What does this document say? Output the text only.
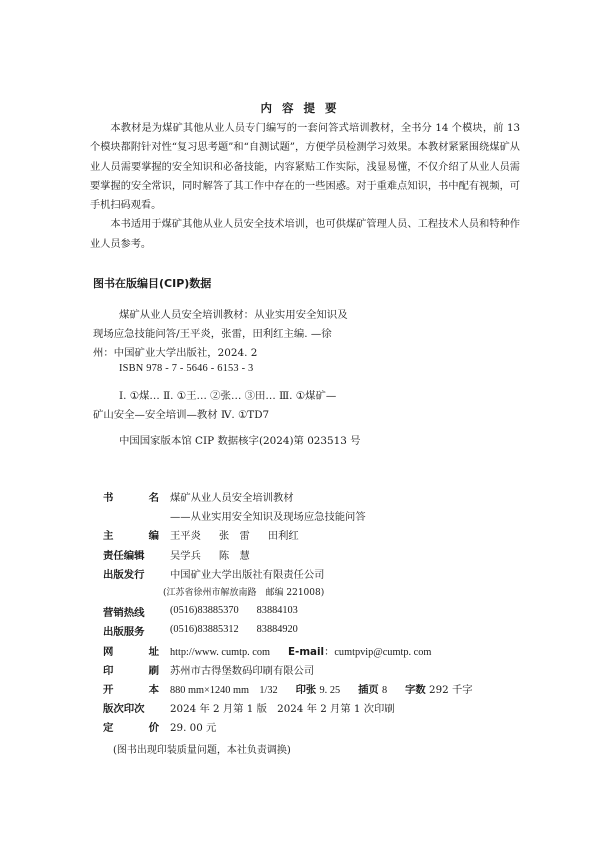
内 容 提 要

本教材是为煤矿其他从业人员专门编写的一套问答式培训教材，全书分 14 个模块，前 13 个模块都附针对性“复习思考题”和“自测试题”，方便学员检测学习效果。本教材紧紧围绕煤矿从业人员需要掌握的安全知识和必备技能，内容紧贴工作实际，浅显易懂，不仅介绍了从业人员需要掌握的安全常识，同时解答了其工作中存在的一些困惑。对于重难点知识，书中配有视频，可手机扫码观看。

本书适用于煤矿其他从业人员安全技术培训，也可供煤矿管理人员、工程技术人员和特种作业人员参考。

图书在版编目(CIP)数据
煤矿从业人员安全培训教材：从业实用安全知识及
现场应急技能问答/王平炎，张雷，田利红主编. —徐
州：中国矿业大学出版社，2024. 2
ISBN 978 - 7 - 5646 - 6153 - 3
Ⅰ. ①煤… Ⅱ. ①王… ②张… ③田… Ⅲ. ①煤矿—
矿山安全—安全培训—教材 Ⅳ. ①TD7
中国国家版本馆 CIP 数据核字(2024)第 023513 号
书	名 煤矿从业人员安全培训教材
——从业实用安全知识及现场应急技能问答
主	编 王平炎 张　雷 田利红
责任编辑	吴学兵 陈　慧
出版发行	中国矿业大学出版社有限责任公司
(江苏省徐州市解放南路　邮编 221008)
营销热线	(0516)83885370 83884103
出版服务	(0516)83885312 83884920
网	址 http://www. cumtp. com E-mail：cumtpvip@cumtp. com
印	刷 苏州市古得堡数码印刷有限公司
开	本 880 mm×1240 mm　1/32 印张 9. 25 插页 8 字数 292 千字
版次印次	2024 年 2 月第 1 版　2024 年 2 月第 1 次印刷
定	价 29. 00 元
(图书出现印装质量问题，本社负责调换)
